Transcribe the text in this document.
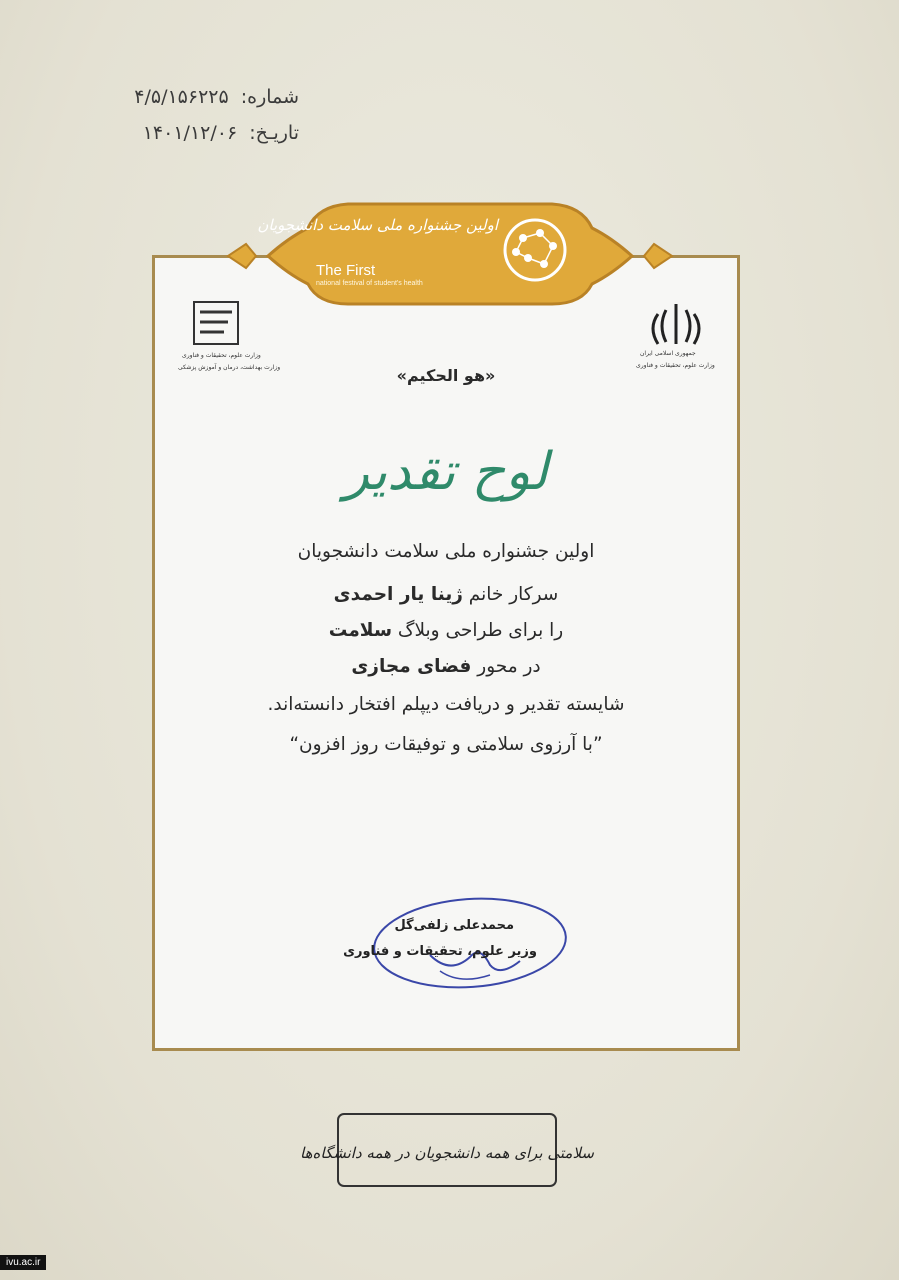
شماره: ۴/۵/۱۵۶۲۲۵
تاریـخ: ۱۴۰۱/۱۲/۰۶
اولین جشنواره ملی سلامت دانشجویان
The First
national festival of student's health
جمهوری اسلامی ایران
وزارت علوم، تحقیقات و فناوری
وزارت علوم، تحقیقات و فناوری
وزارت بهداشت، درمان و آموزش پزشکی	«هو الحکیم»
لوح تقدیر
اولین جشنواره ملی سلامت دانشجویان
سرکار خانم ژینا یار احمدی
را برای طراحی وبلاگ سلامت
در محور فضای مجازی
شایسته تقدیر و دریافت دیپلم افتخار دانسته‌اند.
”با آرزوی سلامتی و توفیقات روز افزون“
محمدعلی زلفی‌گل
وزیر علوم، تحقیقات و فناوری
سلامتی برای همه دانشجویان در همه دانشگاه‌ها
ivu.ac.ir
